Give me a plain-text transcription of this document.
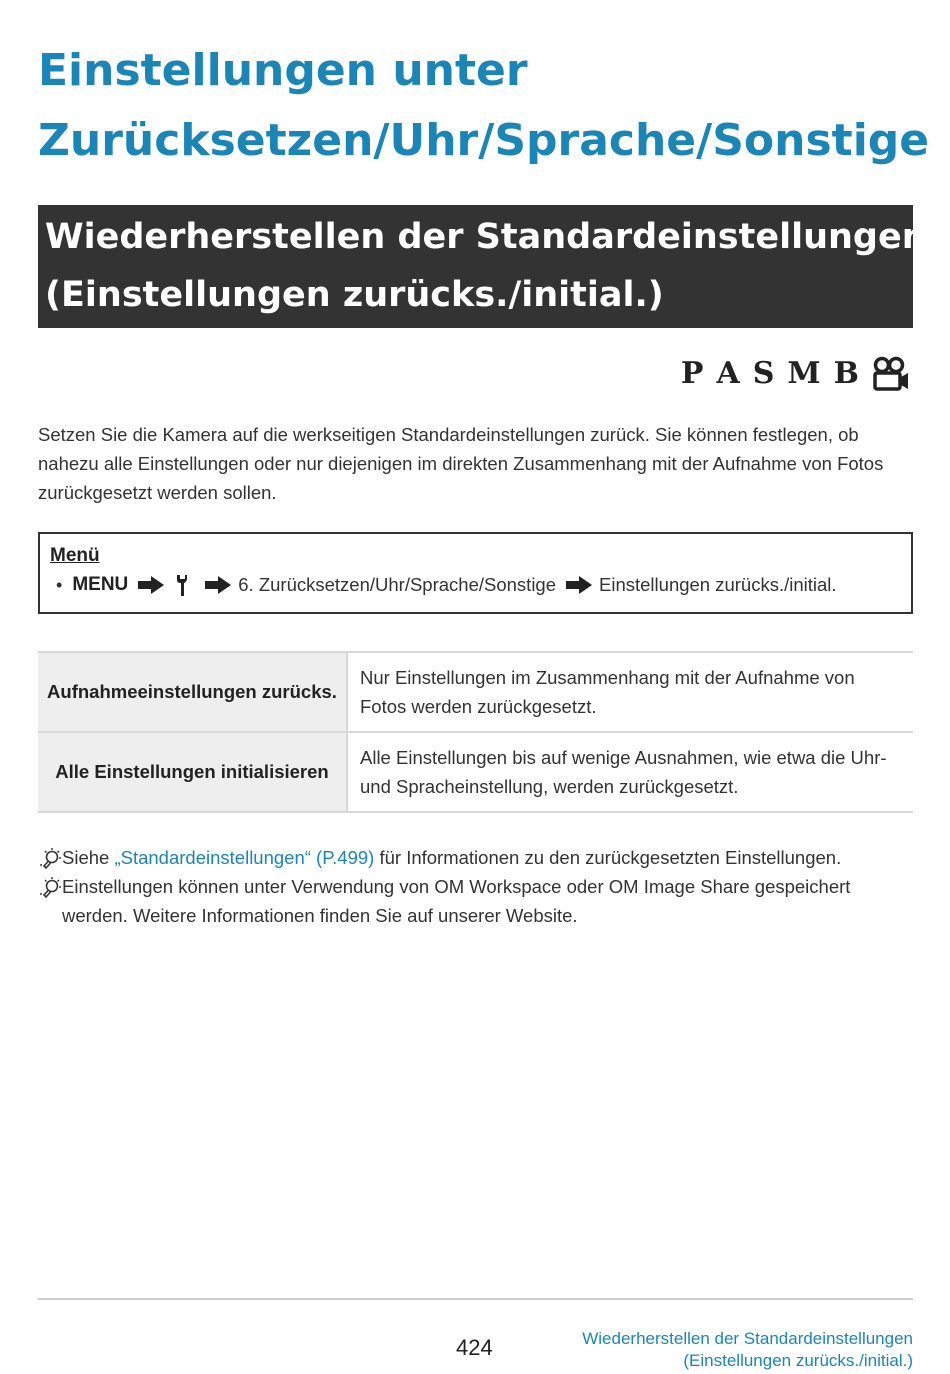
Einstellungen unter
Zurücksetzen/Uhr/Sprache/Sonstige
Wiederherstellen der Standardeinstellungen
(Einstellungen zurücks./initial.)
P A S M B

Setzen Sie die Kamera auf die werkseitigen Standardeinstellungen zurück. Sie können festlegen, ob nahezu alle Einstellungen oder nur diejenigen im direkten Zusammenhang mit der Aufnahme von Fotos zurückgesetzt werden sollen.

Menü
• MENU	6. Zurücksetzen/Uhr/Sprache/Sonstige Einstellungen zurücks./initial.
Aufnahmeeinstellungen zurücks.	Nur Einstellungen im Zusammenhang mit der Aufnahme von Fotos werden zurückgesetzt.
Alle Einstellungen initialisieren	Alle Einstellungen bis auf wenige Ausnahmen, wie etwa die Uhr- und Spracheinstellung, werden zurückgesetzt.
Siehe „Standardeinstellungen“ (P.499) für Informationen zu den zurückgesetzten Einstellungen.
Einstellungen können unter Verwendung von OM Workspace oder OM Image Share gespeichert werden. Weitere Informationen finden Sie auf unserer Website.
424	Wiederherstellen der Standardeinstellungen
(Einstellungen zurücks./initial.)
